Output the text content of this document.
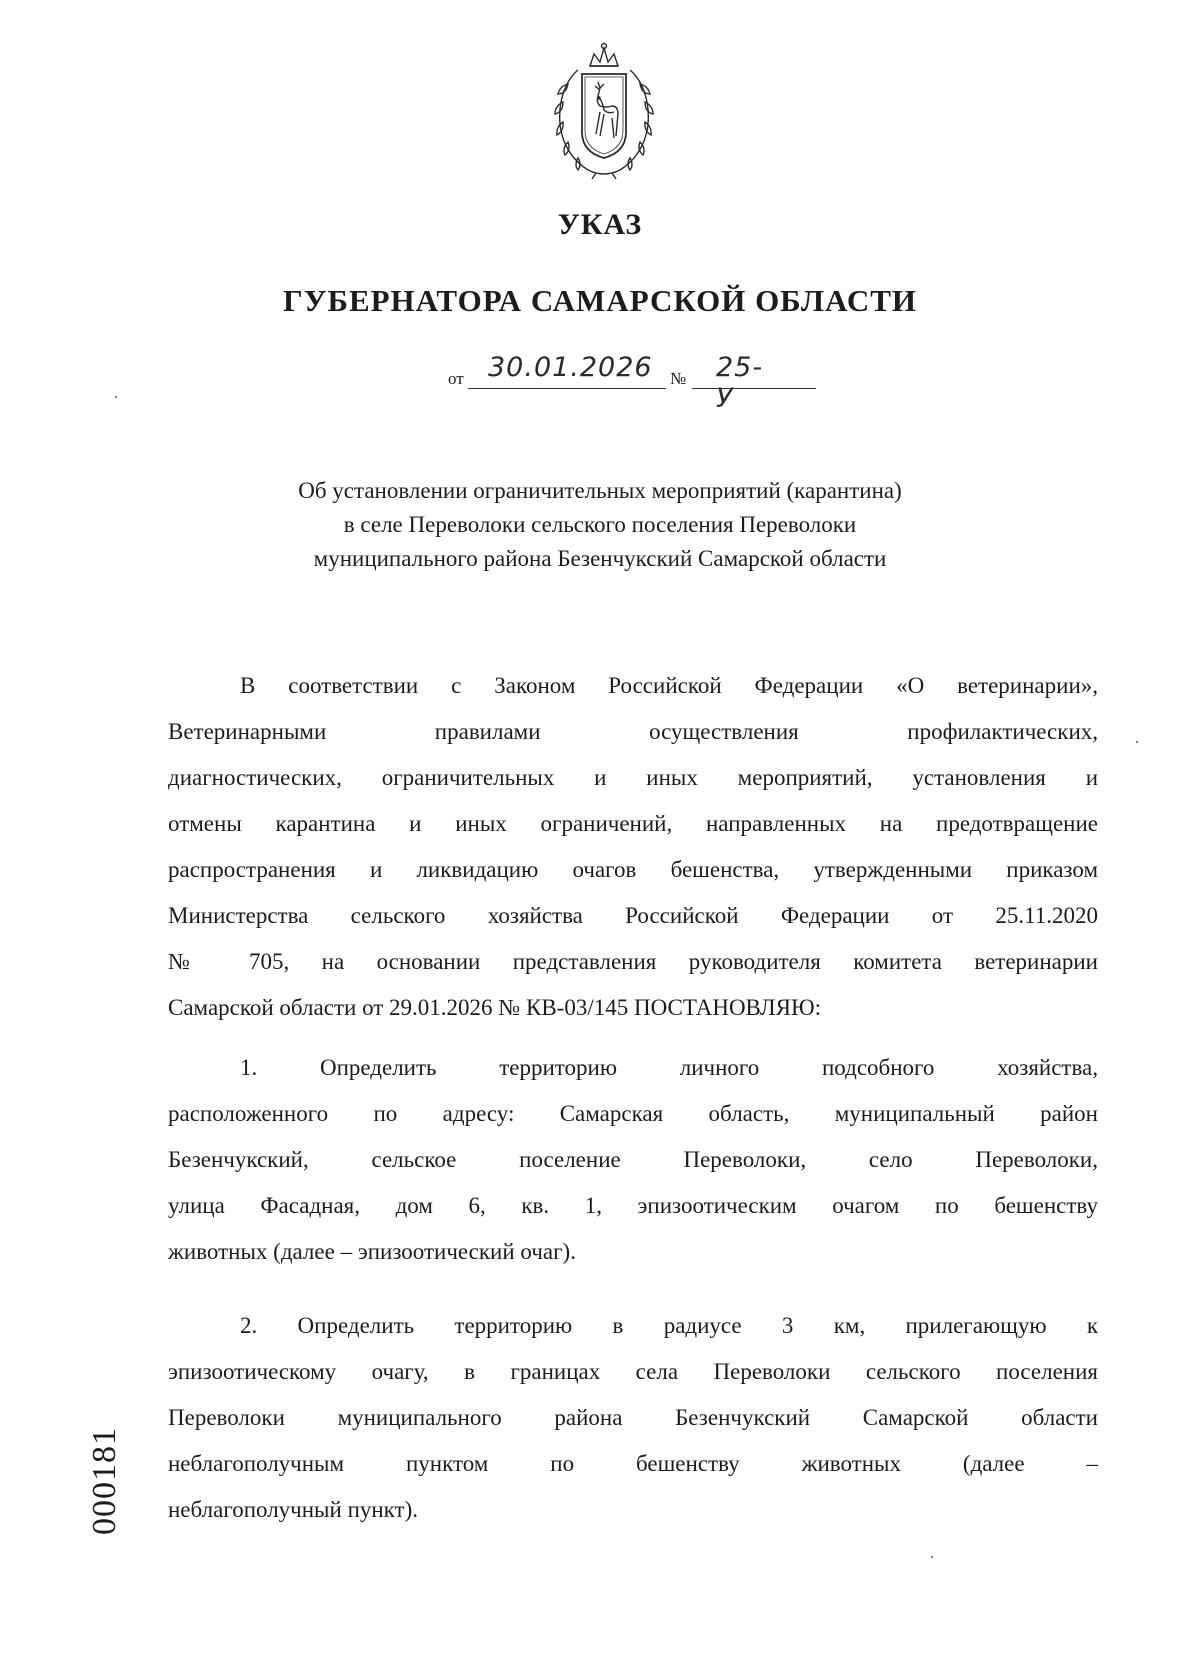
УКАЗ
ГУБЕРНАТОРА САМАРСКОЙ ОБЛАСТИ
от 30.01.2026 № 25-У
Об установлении ограничительных мероприятий (карантина)
в селе Переволоки сельского поселения Переволоки
муниципального района Безенчукский Самарской области
В соответствии с Законом Российской Федерации «О ветеринарии»,
Ветеринарными правилами осуществления профилактических,
диагностических, ограничительных и иных мероприятий, установления и
отмены карантина и иных ограничений, направленных на предотвращение
распространения и ликвидацию очагов бешенства, утвержденными приказом
Министерства сельского хозяйства Российской Федерации от 25.11.2020
№ 705, на основании представления руководителя комитета ветеринарии
Самарской области от 29.01.2026 № КВ-03/145 ПОСТАНОВЛЯЮ:
1. Определить территорию личного подсобного хозяйства,
расположенного по адресу: Самарская область, муниципальный район
Безенчукский, сельское поселение Переволоки, село Переволоки,
улица Фасадная, дом 6, кв. 1, эпизоотическим очагом по бешенству
животных (далее – эпизоотический очаг).
2. Определить территорию в радиусе 3 км, прилегающую к
эпизоотическому очагу, в границах села Переволоки сельского поселения
Переволоки муниципального района Безенчукский Самарской области
неблагополучным пунктом по бешенству животных (далее –
неблагополучный пункт).
000181
